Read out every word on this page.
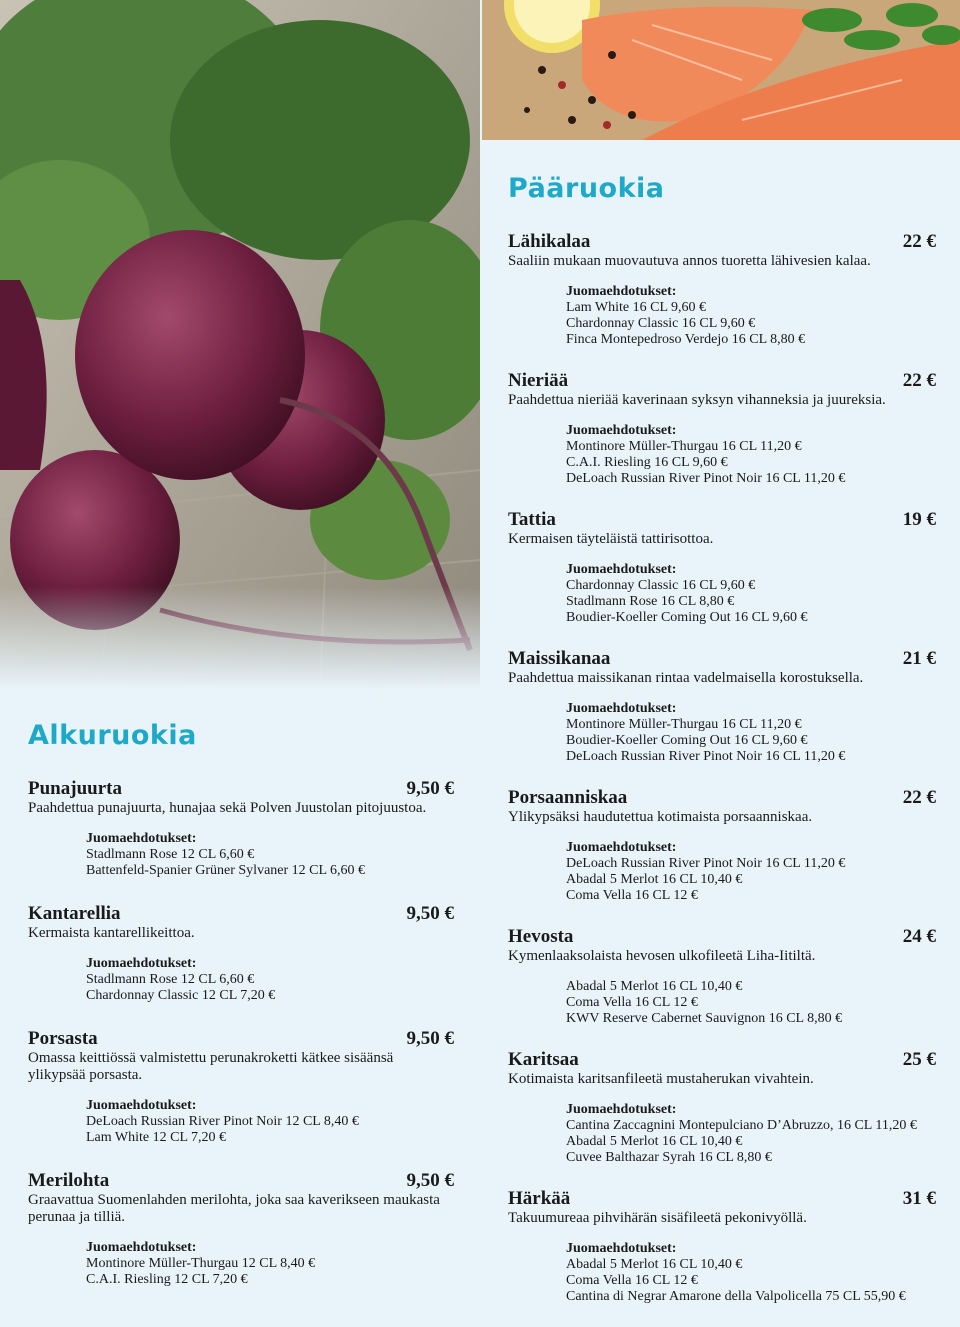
Pääruokia
Lähikalaa	22 €
Saaliin mukaan muovautuva annos tuoretta lähivesien kalaa.
Juomaehdotukset:
Lam White 16 CL 9,60 €
Chardonnay Classic 16 CL 9,60 €
Finca Montepedroso Verdejo 16 CL 8,80 €
Nieriää	22 €
Paahdettua nieriää kaverinaan syksyn vihanneksia ja juureksia.
Juomaehdotukset:
Montinore Müller-Thurgau 16 CL 11,20 €
C.A.I. Riesling 16 CL 9,60 €
DeLoach Russian River Pinot Noir 16 CL 11,20 €
Tattia	19 €
Kermaisen täyteläistä tattirisottoa.
Juomaehdotukset:
Chardonnay Classic 16 CL 9,60 €
Stadlmann Rose 16 CL 8,80 €
Boudier-Koeller Coming Out 16 CL 9,60 €
Maissikanaa	21 €
Paahdettua maissikanan rintaa vadelmaisella korostuksella.
Juomaehdotukset:
Montinore Müller-Thurgau 16 CL 11,20 €
Boudier-Koeller Coming Out 16 CL 9,60 €
DeLoach Russian River Pinot Noir 16 CL 11,20 €
Porsaanniskaa	22 €
Ylikypsäksi haudutettua kotimaista porsaanniskaa.
Juomaehdotukset:
DeLoach Russian River Pinot Noir 16 CL 11,20 €
Abadal 5 Merlot 16 CL 10,40 €
Coma Vella 16 CL 12 €
Hevosta	24 €
Kymenlaaksolaista hevosen ulkofileetä Liha-Iitiltä.
Abadal 5 Merlot 16 CL 10,40 €
Coma Vella 16 CL 12 €
KWV Reserve Cabernet Sauvignon 16 CL 8,80 €
Karitsaa	25 €
Kotimaista karitsanfileetä mustaherukan vivahtein.
Juomaehdotukset:
Cantina Zaccagnini Montepulciano D’Abruzzo, 16 CL 11,20 €
Abadal 5 Merlot 16 CL 10,40 €
Cuvee Balthazar Syrah 16 CL 8,80 €
Härkää	31 €
Takuumureaa pihvihärän sisäfileetä pekonivyöllä.
Juomaehdotukset:
Abadal 5 Merlot 16 CL 10,40 €
Coma Vella 16 CL 12 €
Cantina di Negrar Amarone della Valpolicella 75 CL 55,90 €
Alkuruokia
Punajuurta	9,50 €
Paahdettua punajuurta, hunajaa sekä Polven Juustolan pitojuustoa.
Juomaehdotukset:
Stadlmann Rose 12 CL 6,60 €
Battenfeld-Spanier Grüner Sylvaner 12 CL 6,60 €
Kantarellia	9,50 €
Kermaista kantarellikeittoa.
Juomaehdotukset:
Stadlmann Rose 12 CL 6,60 €
Chardonnay Classic 12 CL 7,20 €
Porsasta	9,50 €
Omassa keittiössä valmistettu perunakroketti kätkee sisäänsä ylikypsää porsasta.
Juomaehdotukset:
DeLoach Russian River Pinot Noir 12 CL 8,40 €
Lam White 12 CL 7,20 €
Merilohta	9,50 €
Graavattua Suomenlahden merilohta, joka saa kaverikseen maukasta perunaa ja tilliä.
Juomaehdotukset:
Montinore Müller-Thurgau 12 CL 8,40 €
C.A.I. Riesling 12 CL 7,20 €
